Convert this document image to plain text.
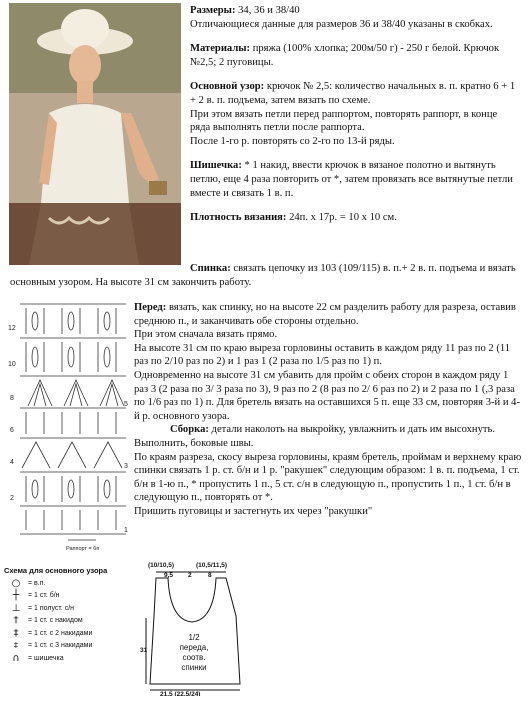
Размеры: 34, 36 и 38/40

Отличающиеся данные для размеров 36 и 38/40 указаны в скобках.

Материалы: пряжа (100% хлопка; 200м/50 г) - 250 г белой. Крючок №2,5; 2 пуговицы.

Основной узор: крючок № 2,5: количество начальных в. п. кратно 6 + 1 + 2 в. п. подъема, затем вязать по схеме.

При этом вязать петли перед раппортом, повторять раппорт, в конце ряда выполнять петли после раппорта.

После 1-го р. повторять со 2-го по 13-й ряды.

Шишечка: * 1 накид, ввести крючок в вязаное полотно и вытянуть петлю, еще 4 раза повторить от *, затем провязать все вытянутые петли вместе и связать 1 в. п.

Плотность вязания: 24п. х 17р. = 10 х 10 см.

Спинка: связать цепочку из 103 (109/115) в. п.+ 2 в. п. подъема и вязать основным узором. На высоте 31 см закончить работу.

12
10
8
6
4
2
5
3
1
Раппорт = 6п

Перед: вязать, как спинку, но на высоте 22 см разделить работу для разреза, оставив среднюю п., и заканчивать обе стороны отдельно.

При этом сначала вязать прямо.

На высоте 31 см по краю выреза горловины оставить в каждом ряду 11 раз по 2 (11 раз по 2/10 раз по 2) и 1 раз 1 (2 раза по 1/5 раз по 1) п.

Одновременно на высоте 31 см убавить для пройм с обеих сторон в каждом ряду 1 раз 3 (2 раза по 3/ 3 раза по 3), 9 раз по 2 (8 раз по 2/ 6 раз по 2) и 2 раза по 1 (,3 раза по 1/6 раз по 1) п. Для бретель вязать на оставшихся 5 п. еще 33 см, повторяя 3-й и 4-й р. основного узора.

Сборка: детали наколоть на выкройку, увлажнить и дать им высохнуть.

Выполнить, боковые швы.

По краям разреза, скосу выреза горловины, краям бретель, проймам и верхнему краю спинки связать 1 р. ст. б/н и 1 р. "ракушек" следующим образом: 1 в. п. подъема, 1 ст. б/н в 1-ю п., * пропустить 1 п., 5 ст. с/н в следующую п., пропустить 1 п., 1 ст. б/н в следующую п., повторять от *.

Пришить пуговицы и застегнуть их через "ракушки"

Схема для основного узора
○	= в.п.
┼	= 1 ст. б/н
⊥	= 1 полуст. с/н
†	= 1 ст. с накидом
‡	= 1 ст. с 2 накидами
⧧	= 1 ст. с 3 накидами
∩	= шишечка
(10/10,5)	(10,5/11,5)
9,5 2	8
1/2
переда,
соотв.
спинки
31
21,5 (22,5/24)
